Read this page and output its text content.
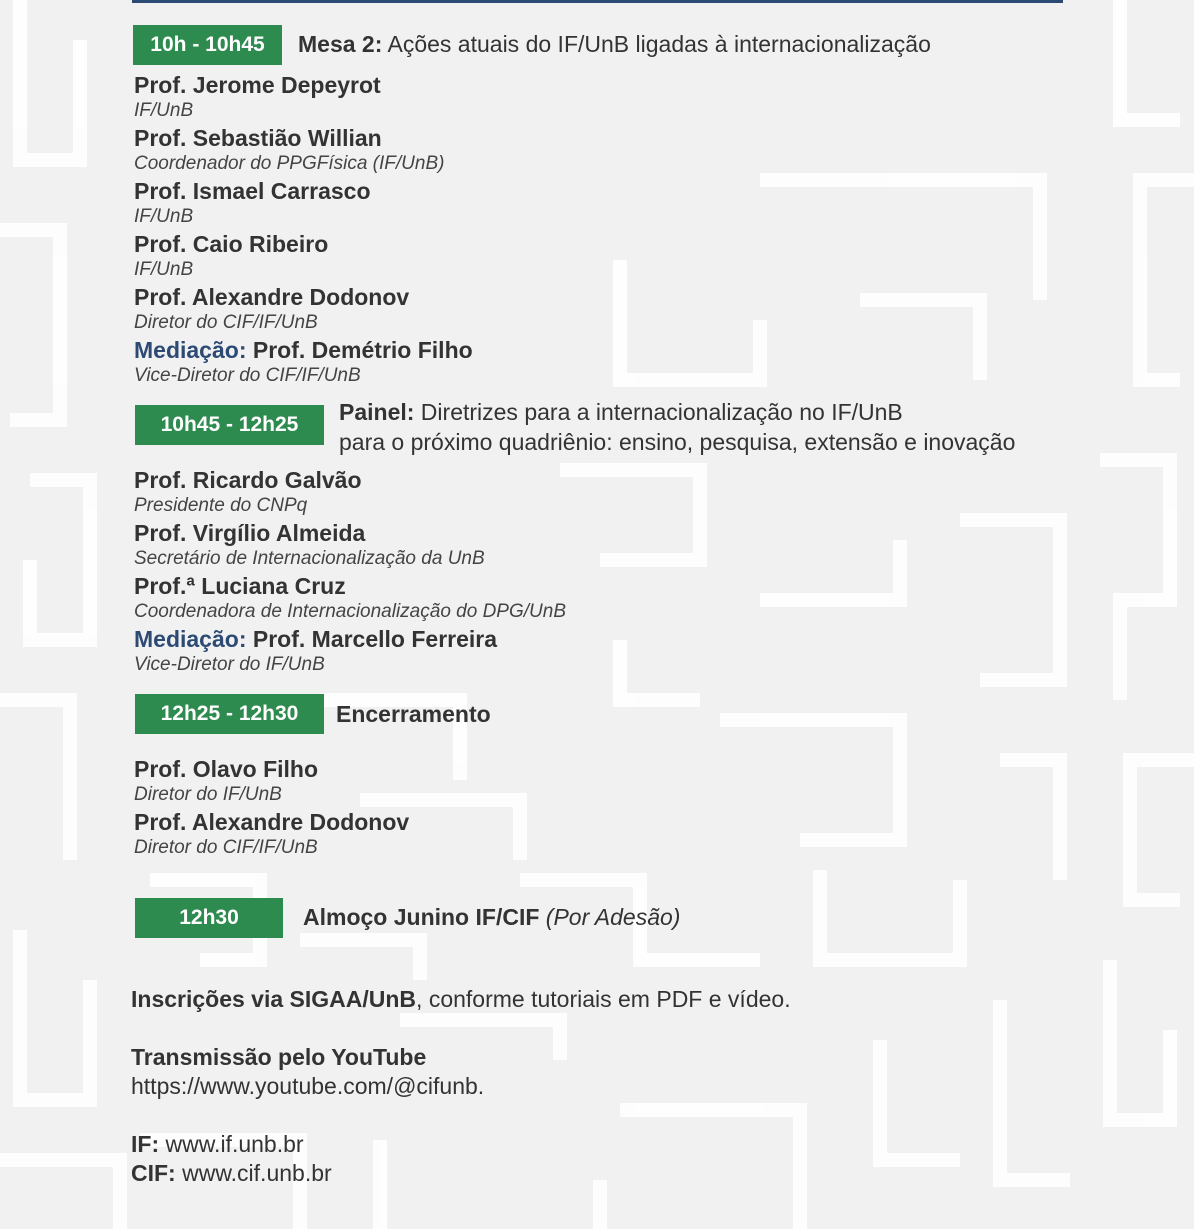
10h - 10h45 Mesa 2: Ações atuais do IF/UnB ligadas à internacionalização
Prof. Jerome Depeyrot
IF/UnB
Prof. Sebastião Willian
Coordenador do PPGFísica (IF/UnB)
Prof. Ismael Carrasco
IF/UnB
Prof. Caio Ribeiro
IF/UnB
Prof. Alexandre Dodonov
Diretor do CIF/IF/UnB
Mediação: Prof. Demétrio Filho
Vice-Diretor do CIF/IF/UnB
10h45 - 12h25 Painel: Diretrizes para a internacionalização no IF/UnB
para o próximo quadriênio: ensino, pesquisa, extensão e inovação
Prof. Ricardo Galvão
Presidente do CNPq
Prof. Virgílio Almeida
Secretário de Internacionalização da UnB
Prof.ª Luciana Cruz
Coordenadora de Internacionalização do DPG/UnB
Mediação: Prof. Marcello Ferreira
Vice-Diretor do IF/UnB
12h25 - 12h30 Encerramento
Prof. Olavo Filho
Diretor do IF/UnB
Prof. Alexandre Dodonov
Diretor do CIF/IF/UnB
12h30	Almoço Junino IF/CIF (Por Adesão)
Inscrições via SIGAA/UnB, conforme tutoriais em PDF e vídeo.
Transmissão pelo YouTube
https://www.youtube.com/@cifunb.
IF: www.if.unb.br
CIF: www.cif.unb.br
